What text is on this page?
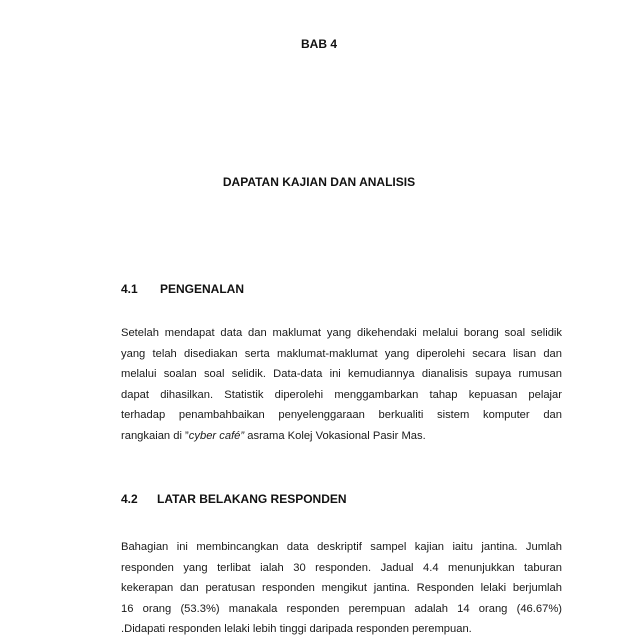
BAB 4
DAPATAN KAJIAN DAN ANALISIS
4.1 PENGENALAN
Setelah mendapat data dan maklumat yang dikehendaki melalui borang soal selidik
yang telah disediakan serta maklumat-maklumat yang diperolehi secara lisan dan
melalui soalan soal selidik. Data-data ini kemudiannya dianalisis supaya rumusan
dapat dihasilkan. Statistik diperolehi menggambarkan tahap kepuasan pelajar
terhadap penambahbaikan penyelenggaraan berkualiti sistem komputer dan
rangkaian di ”cyber café” asrama Kolej Vokasional Pasir Mas.
4.2 LATAR BELAKANG RESPONDEN
Bahagian ini membincangkan data deskriptif sampel kajian iaitu jantina. Jumlah
responden yang terlibat ialah 30 responden. Jadual 4.4 menunjukkan taburan
kekerapan dan peratusan responden mengikut jantina. Responden lelaki berjumlah
16 orang (53.3%) manakala responden perempuan adalah 14 orang (46.67%)
.Didapati responden lelaki lebih tinggi daripada responden perempuan.
